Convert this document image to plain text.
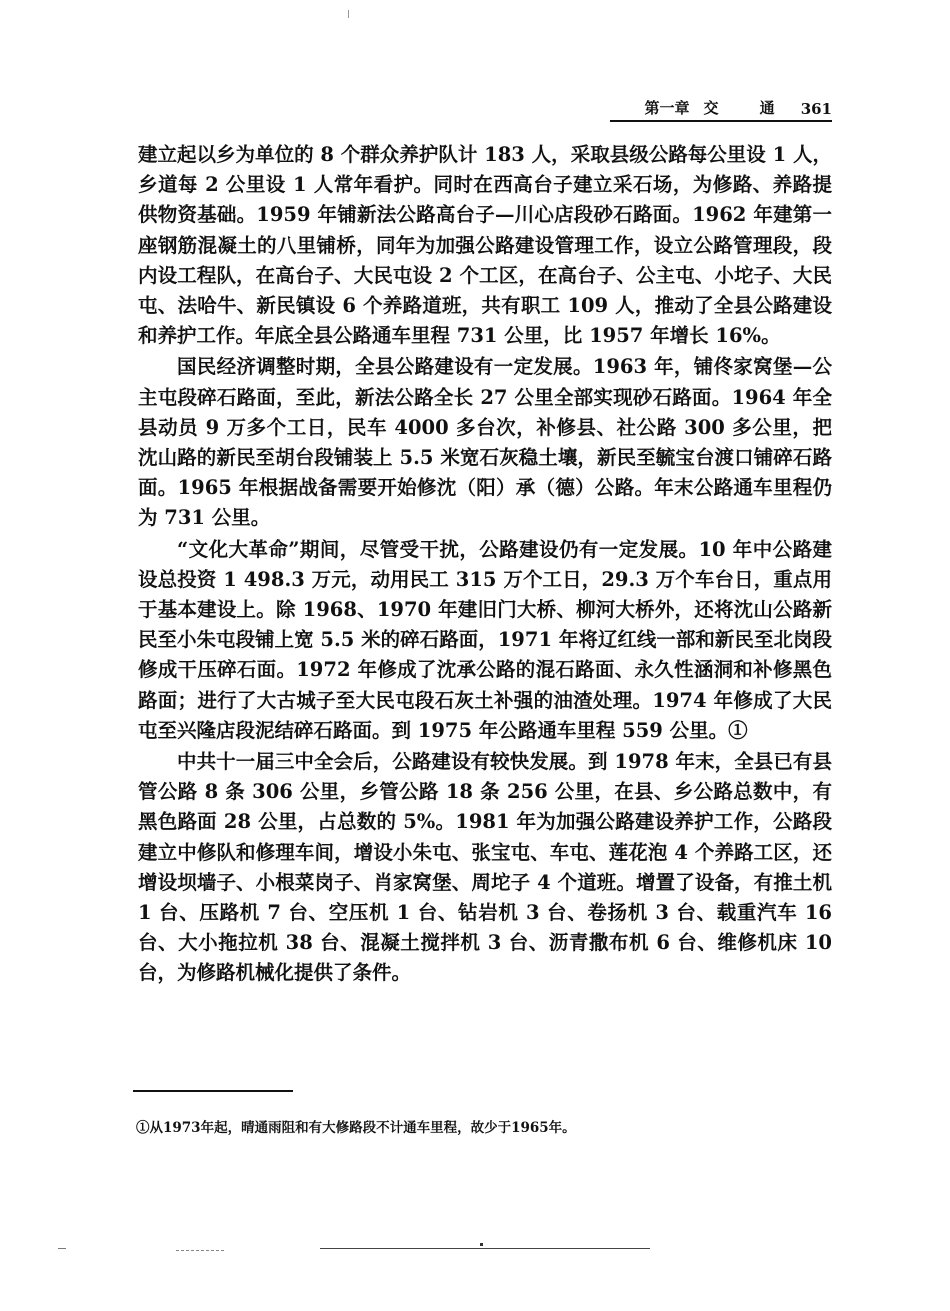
第一章 交 通 361

建立起以乡为单位的 8 个群众养护队计 183 人，采取县级公路每公里设 1 人，乡道每 2 公里设 1 人常年看护。同时在西高台子建立采石场，为修路、养路提供物资基础。1959 年铺新法公路高台子—川心店段砂石路面。1962 年建第一座钢筋混凝土的八里铺桥，同年为加强公路建设管理工作，设立公路管理段，段内设工程队，在高台子、大民屯设 2 个工区，在高台子、公主屯、小坨子、大民屯、法哈牛、新民镇设 6 个养路道班，共有职工 109 人，推动了全县公路建设和养护工作。年底全县公路通车里程 731 公里，比 1957 年增长 16%。

国民经济调整时期，全县公路建设有一定发展。1963 年，铺佟家窝堡—公主屯段碎石路面，至此，新法公路全长 27 公里全部实现砂石路面。1964 年全县动员 9 万多个工日，民车 4000 多台次，补修县、社公路 300 多公里，把沈山路的新民至胡台段铺装上 5.5 米宽石灰稳土壤，新民至毓宝台渡口铺碎石路面。1965 年根据战备需要开始修沈（阳）承（德）公路。年末公路通车里程仍为 731 公里。

“文化大革命”期间，尽管受干扰，公路建设仍有一定发展。10 年中公路建设总投资 1 498.3 万元，动用民工 315 万个工日，29.3 万个车台日，重点用于基本建设上。除 1968、1970 年建旧门大桥、柳河大桥外，还将沈山公路新民至小朱屯段铺上宽 5.5 米的碎石路面，1971 年将辽红线一部和新民至北岗段修成干压碎石面。1972 年修成了沈承公路的混石路面、永久性涵洞和补修黑色路面；进行了大古城子至大民屯段石灰土补强的油渣处理。1974 年修成了大民屯至兴隆店段泥结碎石路面。到 1975 年公路通车里程 559 公里。①

中共十一届三中全会后，公路建设有较快发展。到 1978 年末，全县已有县管公路 8 条 306 公里，乡管公路 18 条 256 公里，在县、乡公路总数中，有黑色路面 28 公里，占总数的 5%。1981 年为加强公路建设养护工作，公路段建立中修队和修理车间，增设小朱屯、张宝屯、车屯、莲花泡 4 个养路工区，还增设坝墙子、小根菜岗子、肖家窝堡、周坨子 4 个道班。增置了设备，有推土机 1 台、压路机 7 台、空压机 1 台、钻岩机 3 台、卷扬机 3 台、载重汽车 16 台、大小拖拉机 38 台、混凝土搅拌机 3 台、沥青撒布机 6 台、维修机床 10 台，为修路机械化提供了条件。

①从1973年起，晴通雨阻和有大修路段不计通车里程，故少于1965年。
